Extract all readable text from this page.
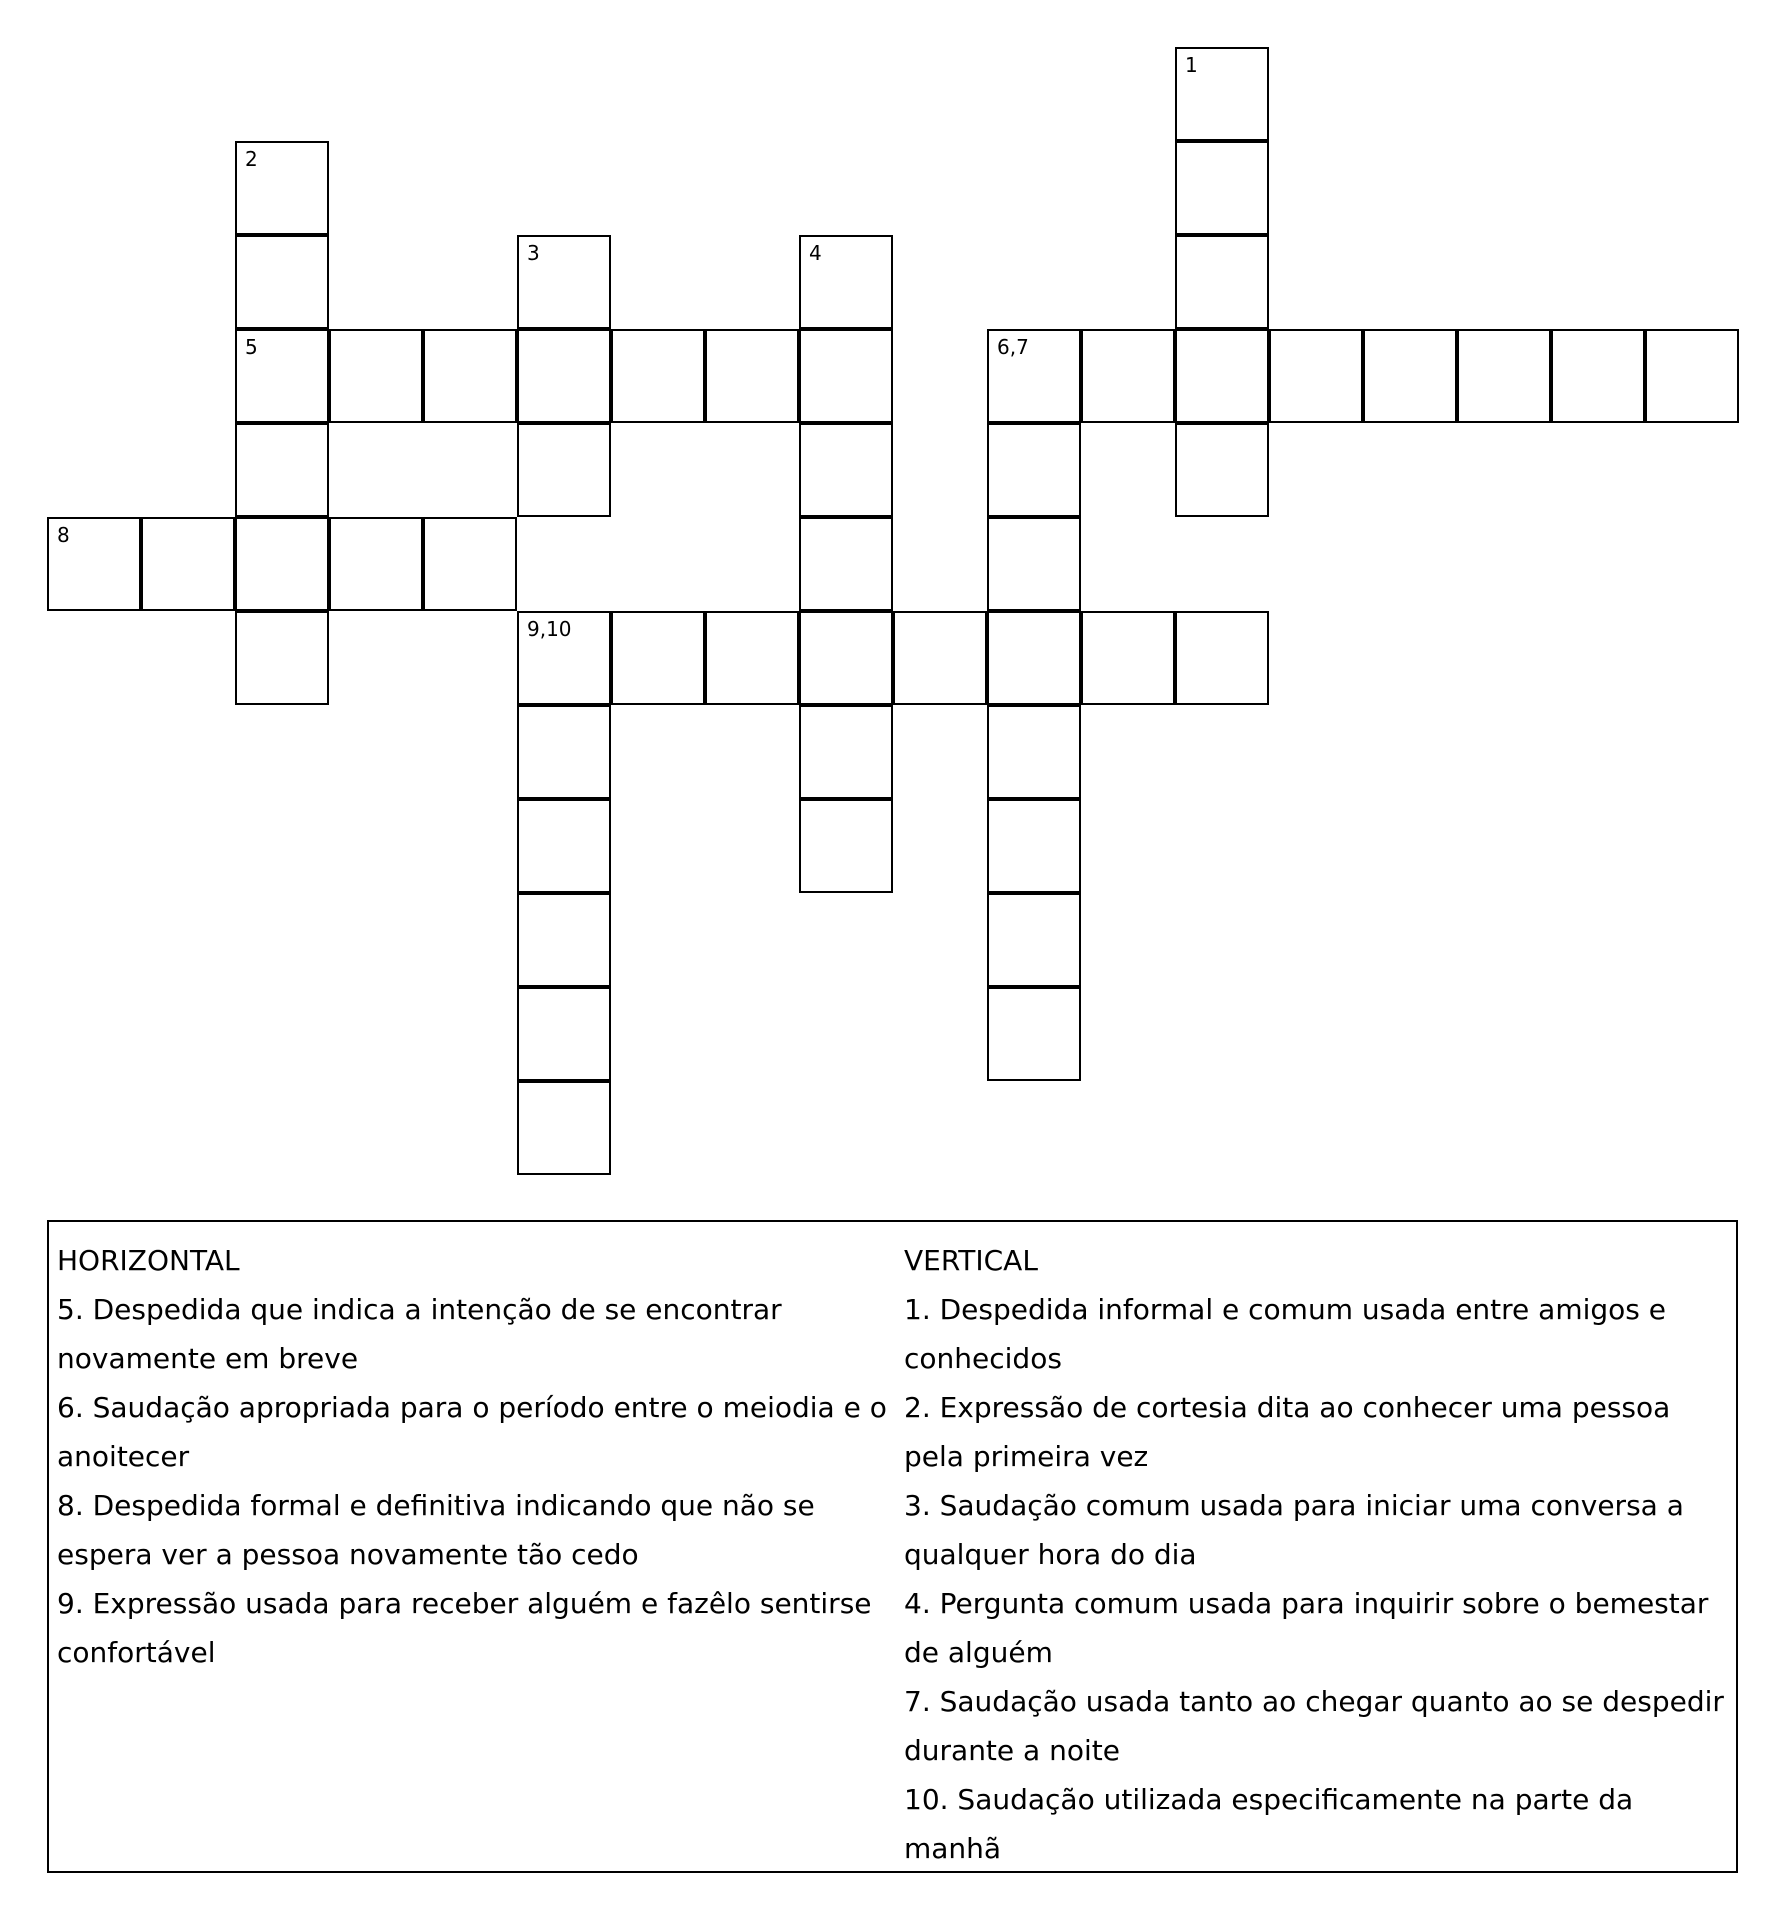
1
2
5
3	4
6,7
8
9,10
HORIZONTAL
5. Despedida que indica a intenção de se encontrar novamente em breve
6. Saudação apropriada para o período entre o meiodia e o anoitecer
8. Despedida formal e definitiva indicando que não se espera ver a pessoa novamente tão cedo
9. Expressão usada para receber alguém e fazêlo sentirse confortável
VERTICAL
1. Despedida informal e comum usada entre amigos e conhecidos
2. Expressão de cortesia dita ao conhecer uma pessoa pela primeira vez
3. Saudação comum usada para iniciar uma conversa a qualquer hora do dia
4. Pergunta comum usada para inquirir sobre o bemestar de alguém
7. Saudação usada tanto ao chegar quanto ao se despedir durante a noite
10. Saudação utilizada especificamente na parte da manhã
